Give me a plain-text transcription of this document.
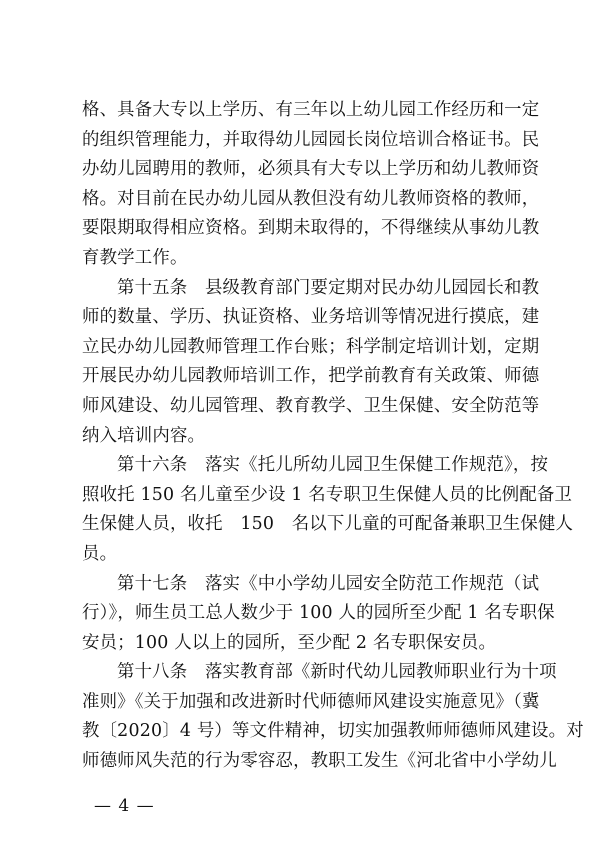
格、具备大专以上学历、有三年以上幼儿园工作经历和一定
的组织管理能力，并取得幼儿园园长岗位培训合格证书。民
办幼儿园聘用的教师，必须具有大专以上学历和幼儿教师资
格。对目前在民办幼儿园从教但没有幼儿教师资格的教师，
要限期取得相应资格。到期未取得的，不得继续从事幼儿教
育教学工作。
第十五条　县级教育部门要定期对民办幼儿园园长和教
师的数量、学历、执证资格、业务培训等情况进行摸底，建
立民办幼儿园教师管理工作台账；科学制定培训计划，定期
开展民办幼儿园教师培训工作，把学前教育有关政策、师德
师风建设、幼儿园管理、教育教学、卫生保健、安全防范等
纳入培训内容。
第十六条　落实《托儿所幼儿园卫生保健工作规范》，按
照收托 150 名儿童至少设 1 名专职卫生保健人员的比例配备卫
生保健人员，收托　150　名以下儿童的可配备兼职卫生保健人
员。
第十七条　落实《中小学幼儿园安全防范工作规范（试
行）》，师生员工总人数少于 100 人的园所至少配 1 名专职保
安员；100 人以上的园所，至少配 2 名专职保安员。
第十八条　落实教育部《新时代幼儿园教师职业行为十项
准则》《关于加强和改进新时代师德师风建设实施意见》（冀
教〔2020〕4 号）等文件精神，切实加强教师师德师风建设。对
师德师风失范的行为零容忍，教职工发生《河北省中小学幼儿
— 4 —
